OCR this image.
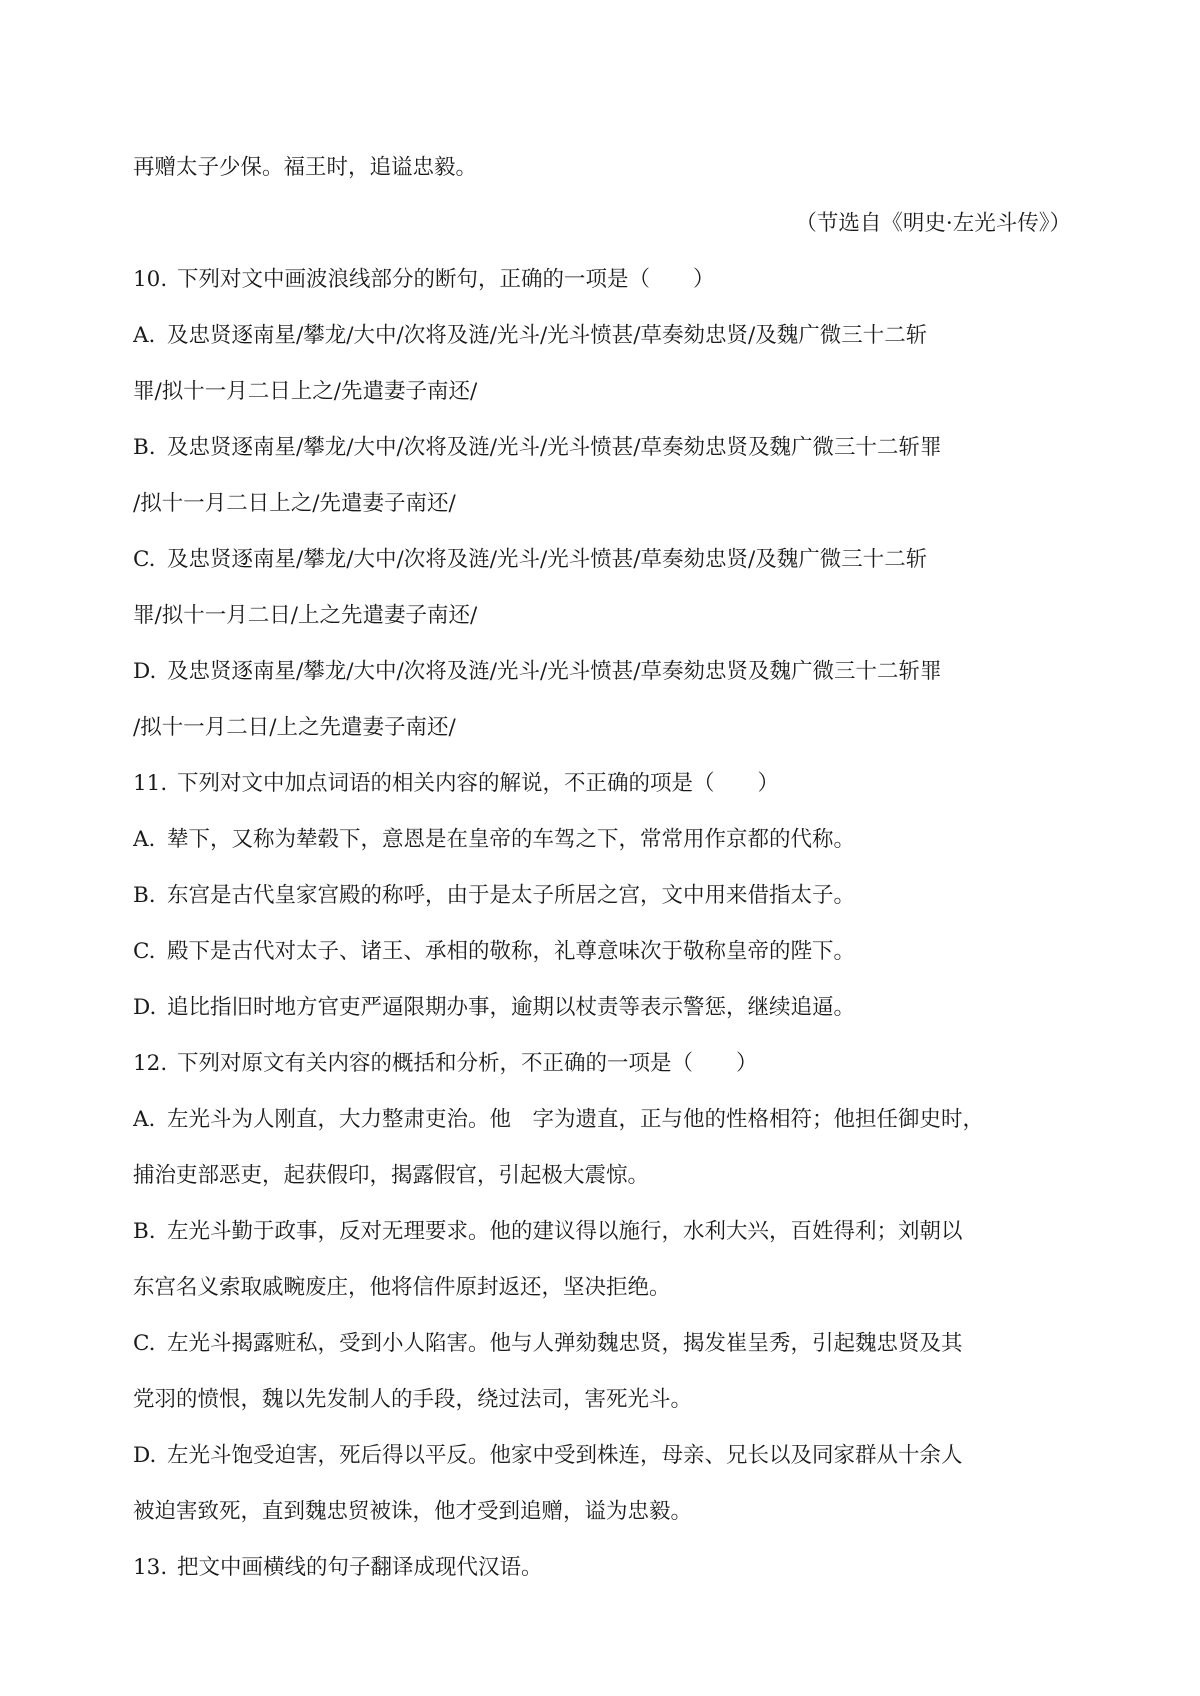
再赠太子少保。福王时，追谥忠毅。
（节选自《明史·左光斗传》）
10. 下列对文中画波浪线部分的断句，正确的一项是（　　）
A. 及忠贤逐南星/攀龙/大中/次将及涟/光斗/光斗愤甚/草奏劾忠贤/及魏广微三十二斩
罪/拟十一月二日上之/先遣妻子南还/
B. 及忠贤逐南星/攀龙/大中/次将及涟/光斗/光斗愤甚/草奏劾忠贤及魏广微三十二斩罪
/拟十一月二日上之/先遣妻子南还/
C. 及忠贤逐南星/攀龙/大中/次将及涟/光斗/光斗愤甚/草奏劾忠贤/及魏广微三十二斩
罪/拟十一月二日/上之先遣妻子南还/
D. 及忠贤逐南星/攀龙/大中/次将及涟/光斗/光斗愤甚/草奏劾忠贤及魏广微三十二斩罪
/拟十一月二日/上之先遣妻子南还/
11. 下列对文中加点词语的相关内容的解说，不正确的项是（　　）
A. 辇下，又称为辇毂下，意恩是在皇帝的车驾之下，常常用作京都的代称。
B. 东宫是古代皇家宫殿的称呼，由于是太子所居之宫，文中用来借指太子。
C. 殿下是古代对太子、诸王、承相的敬称，礼尊意味次于敬称皇帝的陛下。
D. 追比指旧时地方官吏严逼限期办事，逾期以杖责等表示警惩，继续追逼。
12. 下列对原文有关内容的概括和分析，不正确的一项是（　　）
A. 左光斗为人刚直，大力整肃吏治。他　字为遗直，正与他的性格相符；他担任御史时，
捕治吏部恶吏，起获假印，揭露假官，引起极大震惊。
B. 左光斗勤于政事，反对无理要求。他的建议得以施行，水利大兴，百姓得利；刘朝以
东宫名义索取戚畹废庄，他将信件原封返还，坚决拒绝。
C. 左光斗揭露赃私，受到小人陷害。他与人弹劾魏忠贤，揭发崔呈秀，引起魏忠贤及其
党羽的愤恨，魏以先发制人的手段，绕过法司，害死光斗。
D. 左光斗饱受迫害，死后得以平反。他家中受到株连，母亲、兄长以及同家群从十余人
被迫害致死，直到魏忠贸被诛，他才受到追赠，谥为忠毅。
13. 把文中画横线的句子翻译成现代汉语。
